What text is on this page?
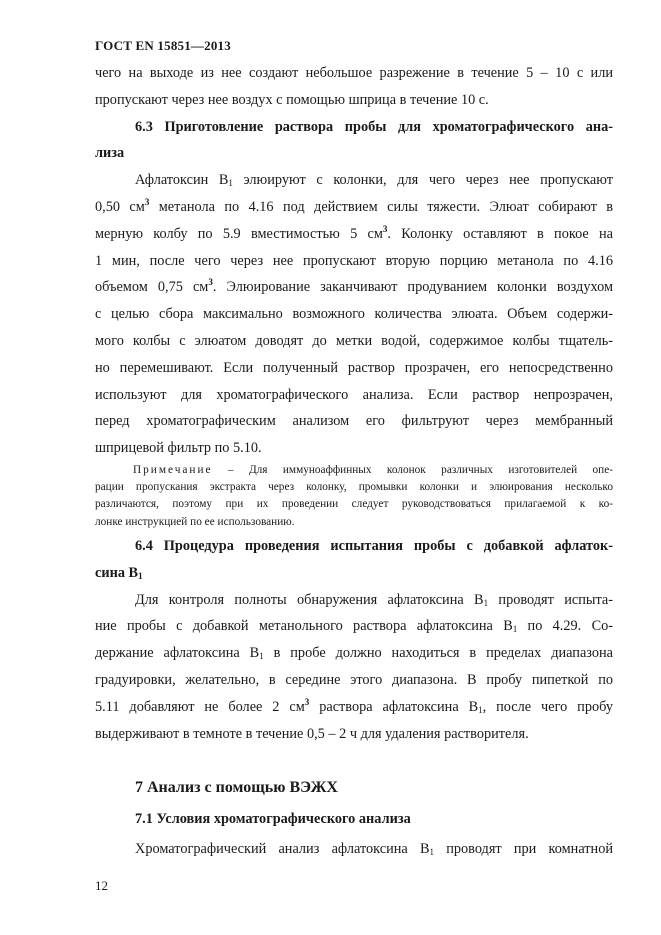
ГОСТ EN 15851—2013
чего на выходе из нее создают небольшое разрежение в течение 5 – 10 с или
пропускают через нее воздух с помощью шприца в течение 10 с.
6.3 Приготовление раствора пробы для хроматографического ана-
лиза
Афлатоксин $B_1$ элюируют с колонки, для чего через нее пропускают
0,50 $см^3$ метанола по 4.16 под действием силы тяжести. Элюат собирают в
мерную колбу по 5.9 вместимостью 5 $см^3$. Колонку оставляют в покое на
1 мин, после чего через нее пропускают вторую порцию метанола по 4.16
объемом 0,75 $см^3$. Элюирование заканчивают продуванием колонки воздухом
с целью сбора максимально возможного количества элюата. Объем содержи-
мого колбы с элюатом доводят до метки водой, содержимое колбы тщатель-
но перемешивают. Если полученный раствор прозрачен, его непосредственно
используют для хроматографического анализа. Если раствор непрозрачен,
перед хроматографическим анализом его фильтруют через мембранный
шприцевой фильтр по 5.10.
Примечание – Для иммуноаффинных колонок различных изготовителей опе-
рации пропускания экстракта через колонку, промывки колонки и элюирования несколько
различаются, поэтому при их проведении следует руководствоваться прилагаемой к ко-
лонке инструкцией по ее использованию.
6.4 Процедура проведения испытания пробы с добавкой афлаток-
сина $B_1$
Для контроля полноты обнаружения афлатоксина $B_1$ проводят испыта-
ние пробы с добавкой метанольного раствора афлатоксина $B_1$ по 4.29. Со-
держание афлатоксина $B_1$ в пробе должно находиться в пределах диапазона
градуировки, желательно, в середине этого диапазона. В пробу пипеткой по
5.11 добавляют не более 2 $см^3$ раствора афлатоксина $B_1$, после чего пробу
выдерживают в темноте в течение 0,5 – 2 ч для удаления растворителя.
7 Анализ с помощью ВЭЖХ
7.1 Условия хроматографического анализа
Хроматографический анализ афлатоксина $B_1$ проводят при комнатной
12
